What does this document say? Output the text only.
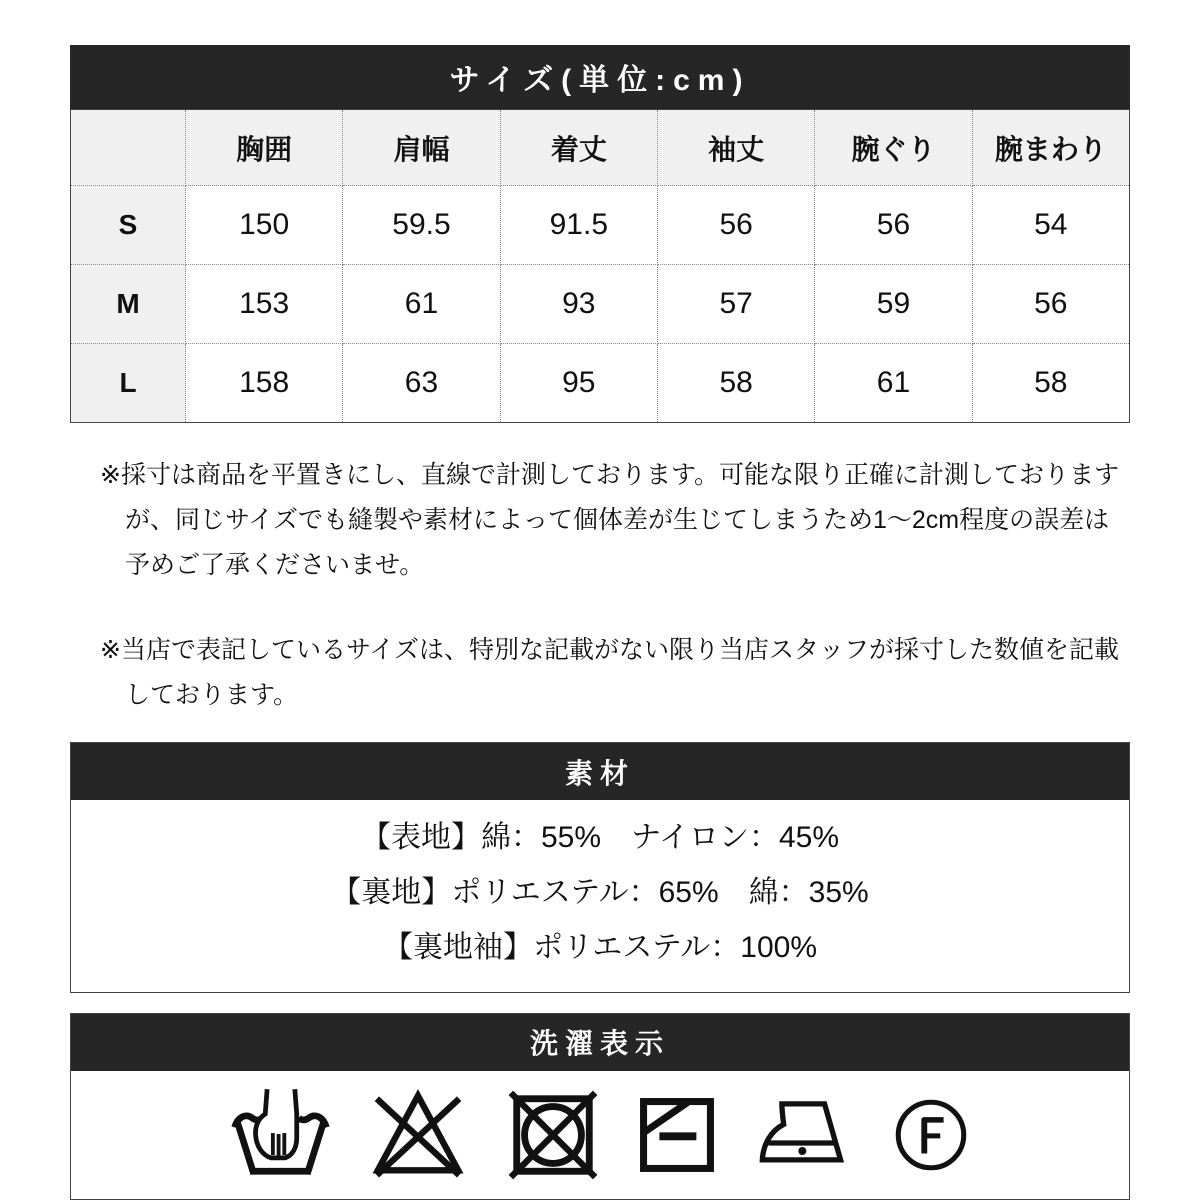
サイズ(単位:cm)
	胸囲	肩幅	着丈	袖丈	腕ぐり	腕まわり
S	150	59.5	91.5	56	56	54
M	153	61	93	57	59	56
L	158	63	95	58	61	58

※採寸は商品を平置きにし、直線で計測しております。可能な限り正確に計測しておりますが、同じサイズでも縫製や素材によって個体差が生じてしまうため1〜2cm程度の誤差は予めご了承くださいませ。

※当店で表記しているサイズは、特別な記載がない限り当店スタッフが採寸した数値を記載しております。

素材
【表地】綿：55%　ナイロン：45%
【裏地】ポリエステル：65%　綿：35%
【裏地袖】ポリエステル：100%
洗濯表示
